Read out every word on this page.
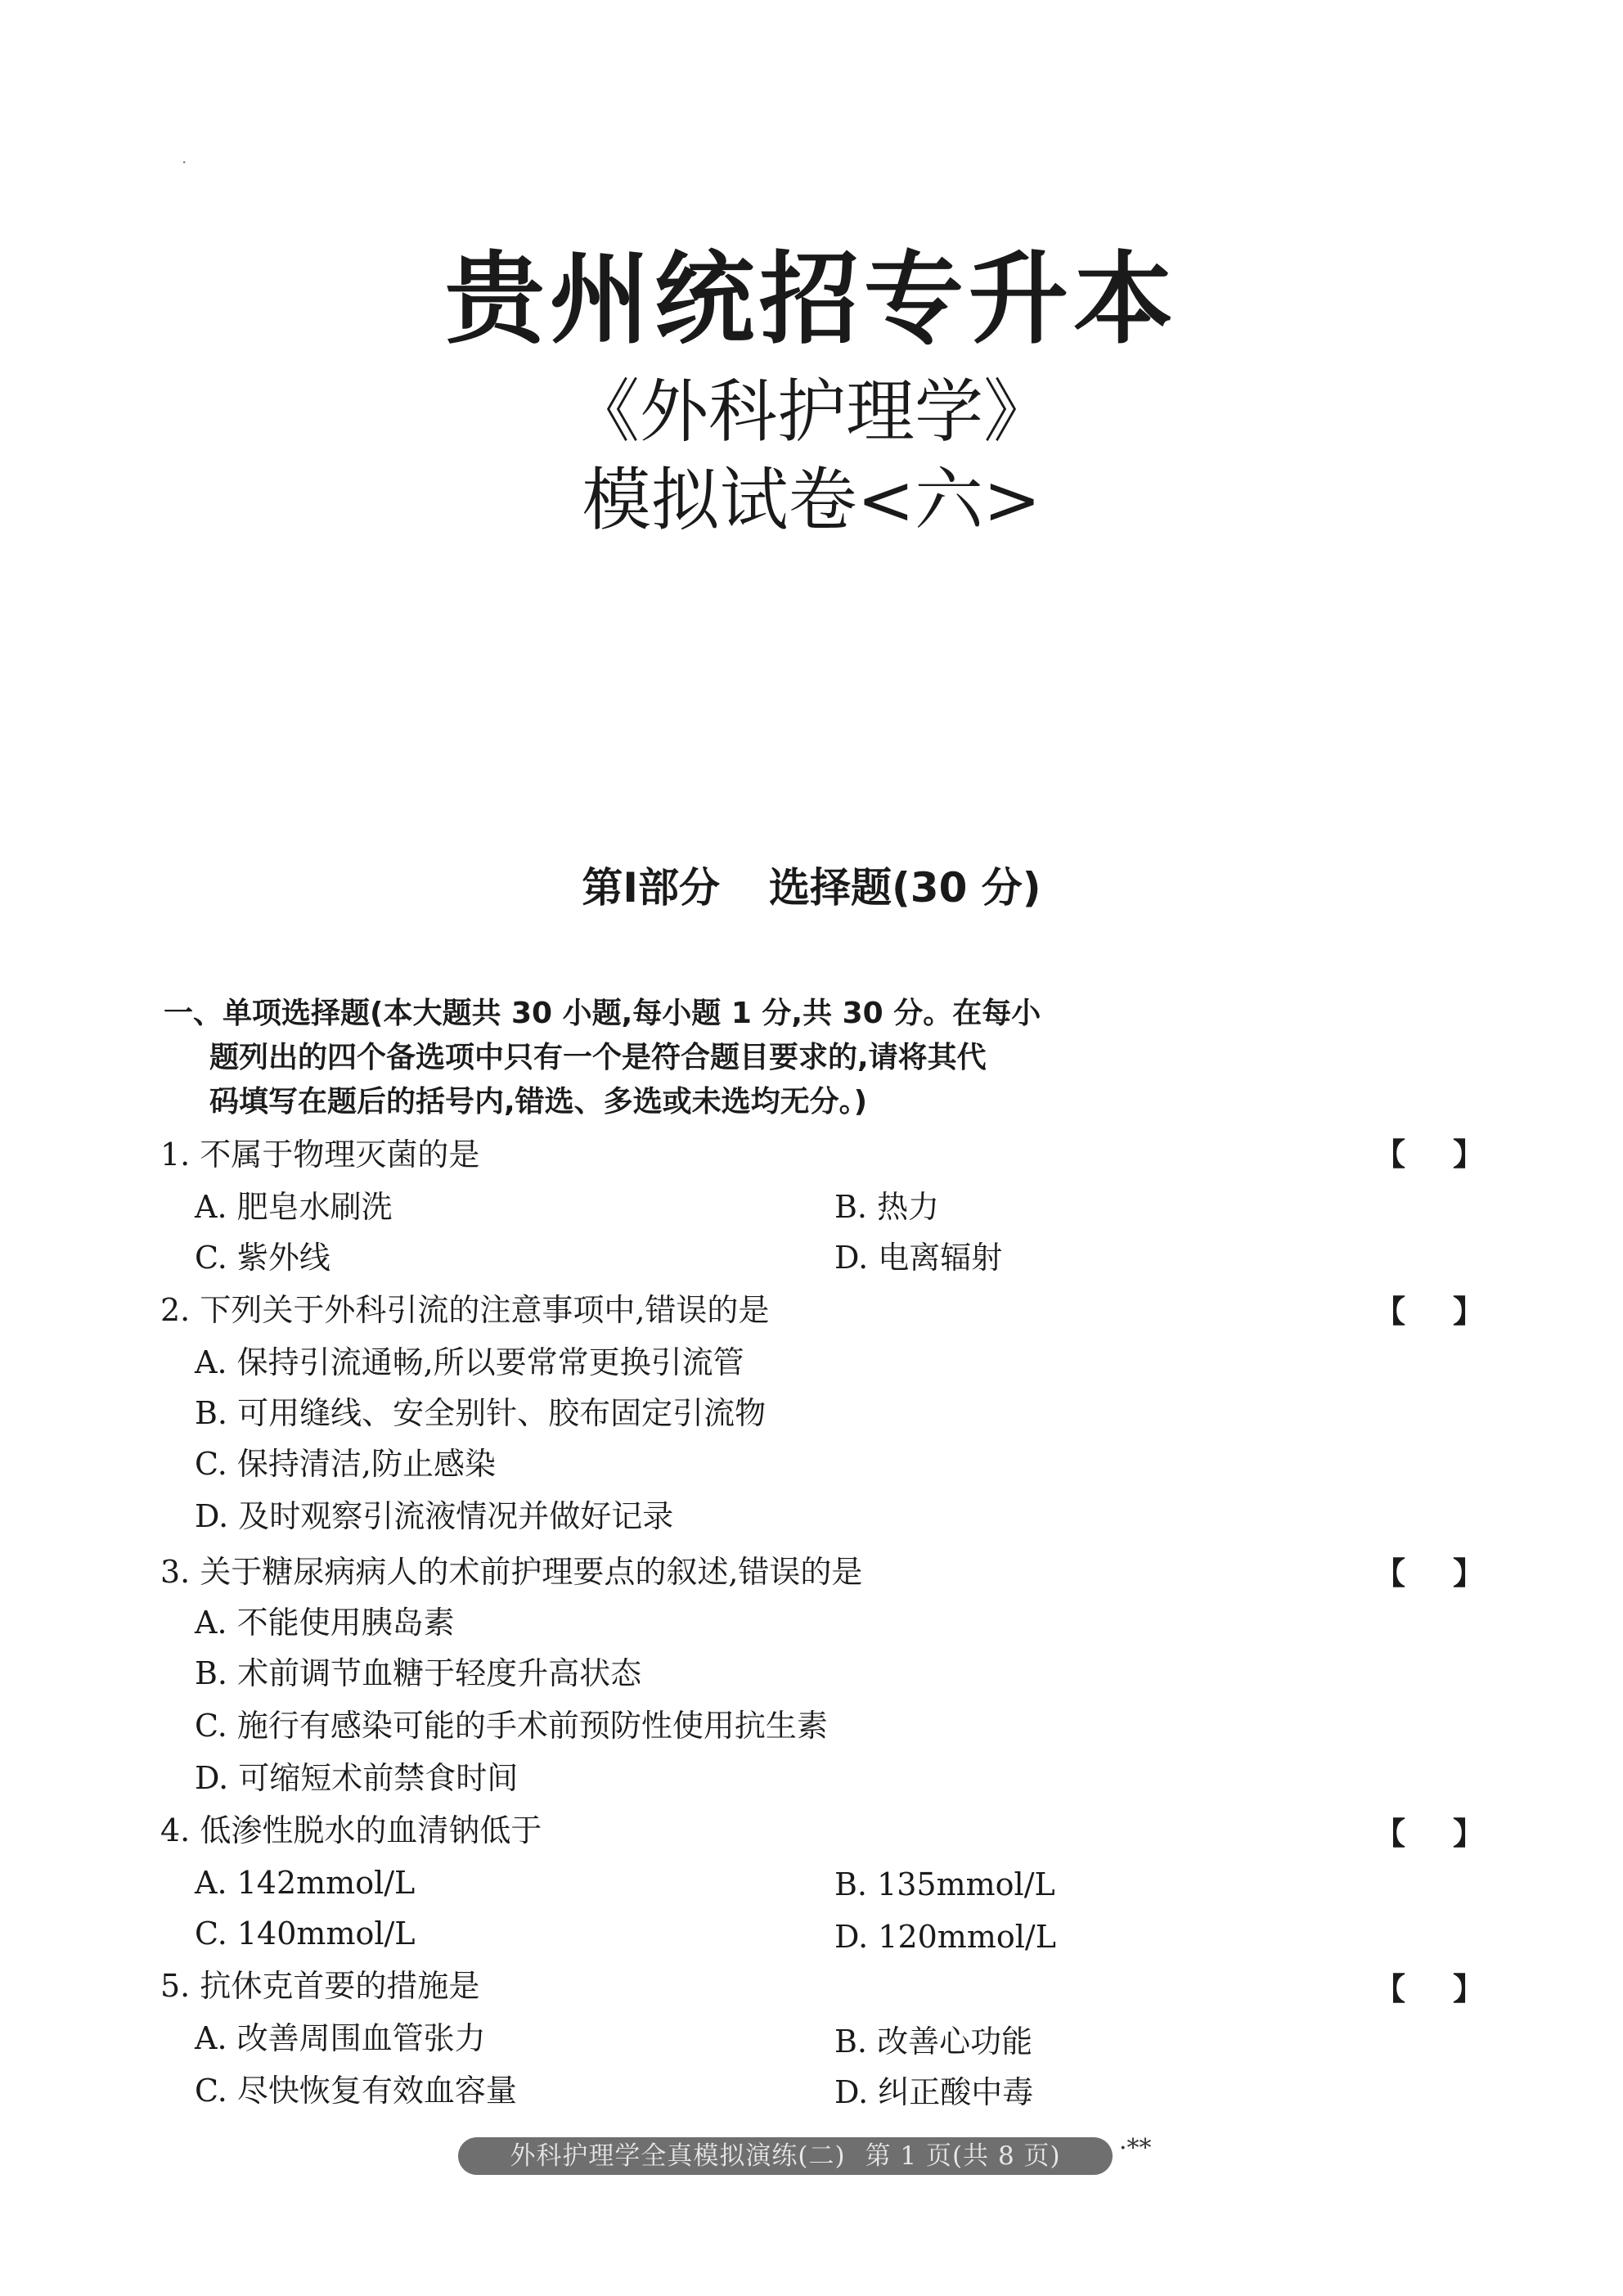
·
贵州统招专升本
《外科护理学》
模拟试卷<六>
第Ⅰ部分 选择题(30 分)
一、单项选择题(本大题共 30 小题,每小题 1 分,共 30 分。在每小
题列出的四个备选项中只有一个是符合题目要求的,请将其代
码填写在题后的括号内,错选、多选或未选均无分。)
1. 不属于物理灭菌的是	【 】
A. 肥皂水刷洗	B. 热力
C. 紫外线	D. 电离辐射
2. 下列关于外科引流的注意事项中,错误的是	【 】
A. 保持引流通畅,所以要常常更换引流管
B. 可用缝线、安全别针、胶布固定引流物
C. 保持清洁,防止感染
D. 及时观察引流液情况并做好记录
3. 关于糖尿病病人的术前护理要点的叙述,错误的是	【 】
A. 不能使用胰岛素
B. 术前调节血糖于轻度升高状态
C. 施行有感染可能的手术前预防性使用抗生素
D. 可缩短术前禁食时间
4. 低渗性脱水的血清钠低于	【 】
A. 142mmol/L	B. 135mmol/L
C. 140mmol/L	D. 120mmol/L
5. 抗休克首要的措施是	【 】
A. 改善周围血管张力	B. 改善心功能
C. 尽快恢复有效血容量	D. 纠正酸中毒
外科护理学全真模拟演练(二) 第 1 页(共 8 页)	·**
